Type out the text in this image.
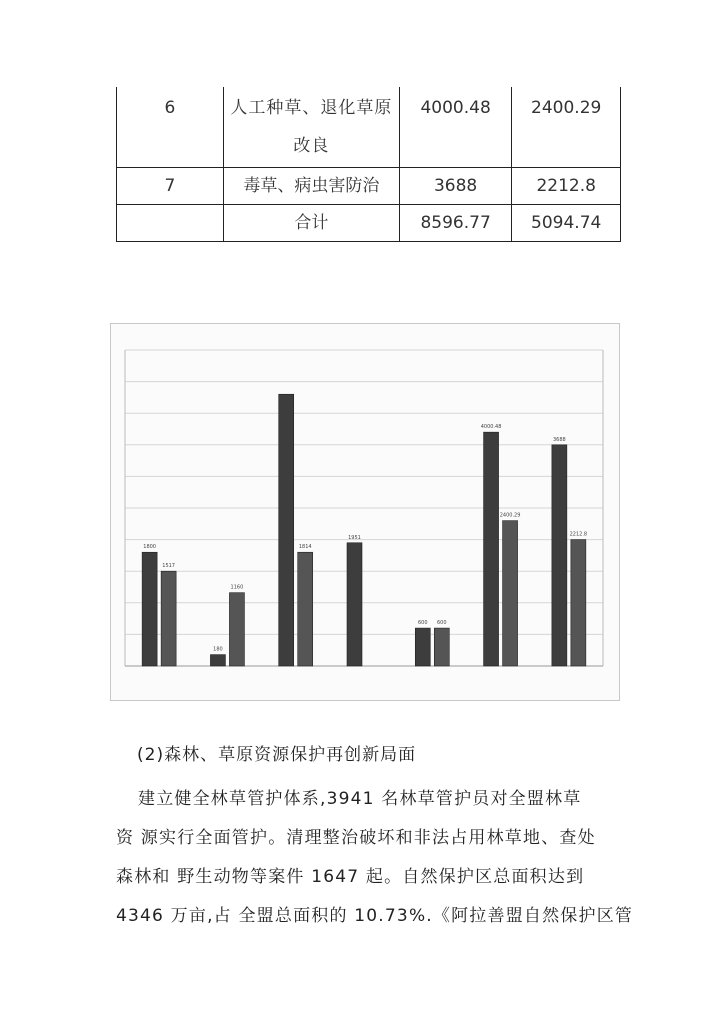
6	人工种草、退化草原改良	4000.48	2400.29
7	毒草、病虫害防治	3688	2212.8
	合计	8596.77	5094.74
1800
180
1951
600
4000.48
3688
1517
1160
1814
600
2400.29
2212.8
(2)森林、草原资源保护再创新局面
建立健全林草管护体系,3941 名林草管护员对全盟林草
资 源实行全面管护。清理整治破坏和非法占用林草地、查处
森林和 野生动物等案件 1647 起。自然保护区总面积达到
4346 万亩,占 全盟总面积的 10.73%.《阿拉善盟自然保护区管
